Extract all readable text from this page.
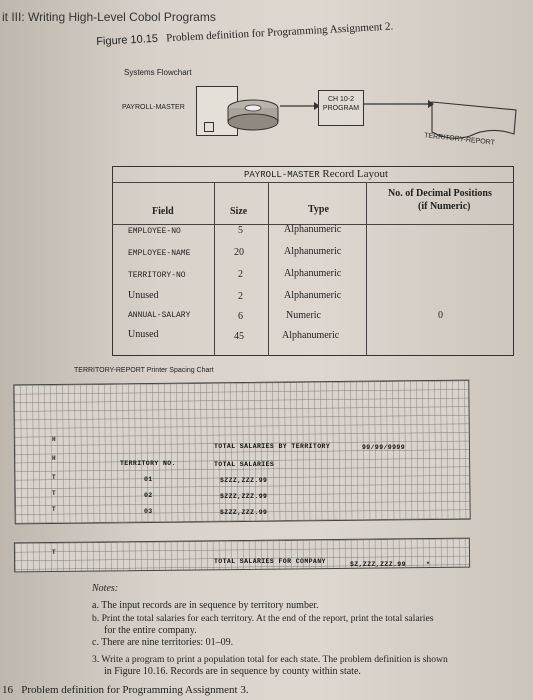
it III: Writing High-Level Cobol Programs
Figure 10.15 Problem definition for Programming Assignment 2.
Systems Flowchart
PAYROLL-MASTER
CH 10-2
PROGRAM
TERRITORY-REPORT
PAYROLL-MASTER Record Layout
Field	Size	Type
No. of Decimal Positions
(if Numeric)
EMPLOYEE-NO	5	Alphanumeric
EMPLOYEE-NAME	20	Alphanumeric
TERRITORY-NO	2	Alphanumeric
Unused	2	Alphanumeric
ANNUAL-SALARY	6	Numeric	0
Unused	45	Alphanumeric
TERRITORY-REPORT Printer Spacing Chart
H
H
T
T
T
T
TOTAL SALARIES BY TERRITORY	99/99/9999
TERRITORY NO.	TOTAL SALARIES
01	$ZZZ,ZZZ.99
02	$ZZZ,ZZZ.99
03	$ZZZ,ZZZ.99
TOTAL SALARIES FOR COMPANY	$Z,ZZZ,ZZZ.99	*
Notes:
a. The input records are in sequence by territory number.
b. Print the total salaries for each territory. At the end of the report, print the total salaries
for the entire company.
c. There are nine territories: 01–09.
3. Write a program to print a population total for each state. The problem definition is shown
in Figure 10.16. Records are in sequence by county within state.
16 Problem definition for Programming Assignment 3.
